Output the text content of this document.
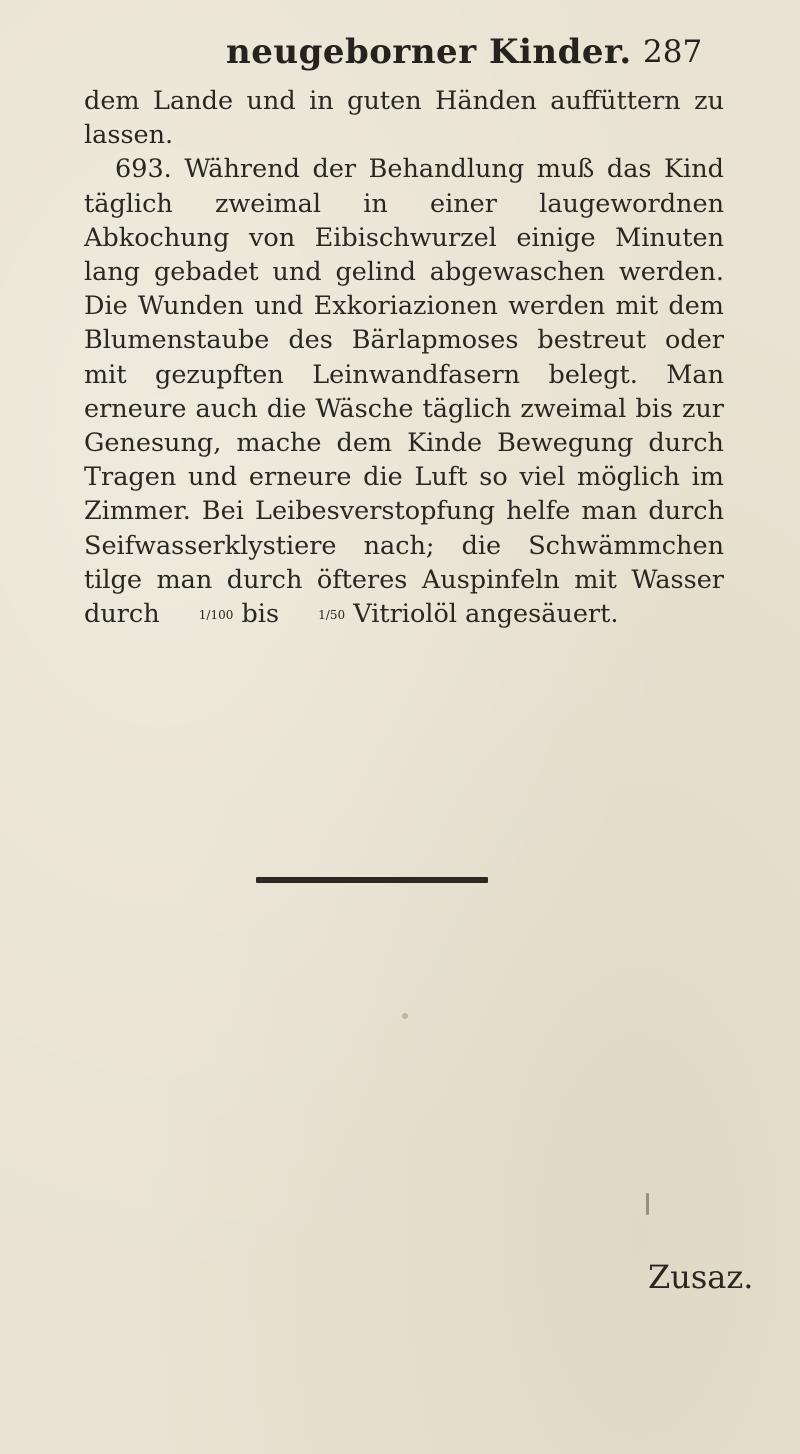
neugeborner Kinder. 287

dem Lande und in guten Händen auffüttern zu lassen.

693. Während der Behandlung muß das Kind täglich zweimal in einer laugewordnen Abkochung von Eibischwurzel einige Minuten lang gebadet und gelind abgewaschen werden. Die Wunden und Exkoriazionen werden mit dem Blumenstaube des Bärlapmoses bestreut oder mit gezupften Leinwandfasern belegt. Man erneure auch die Wäsche täglich zweimal bis zur Genesung, mache dem Kinde Bewegung durch Tragen und erneure die Luft so viel möglich im Zimmer. Bei Leibesverstopfung helfe man durch Seifwasserklystiere nach; die Schwämmchen tilge man durch öfteres Auspinfeln mit Wasser durch	1/100 bis	1/50 Vitriolöl angesäuert.

Zusaz.
